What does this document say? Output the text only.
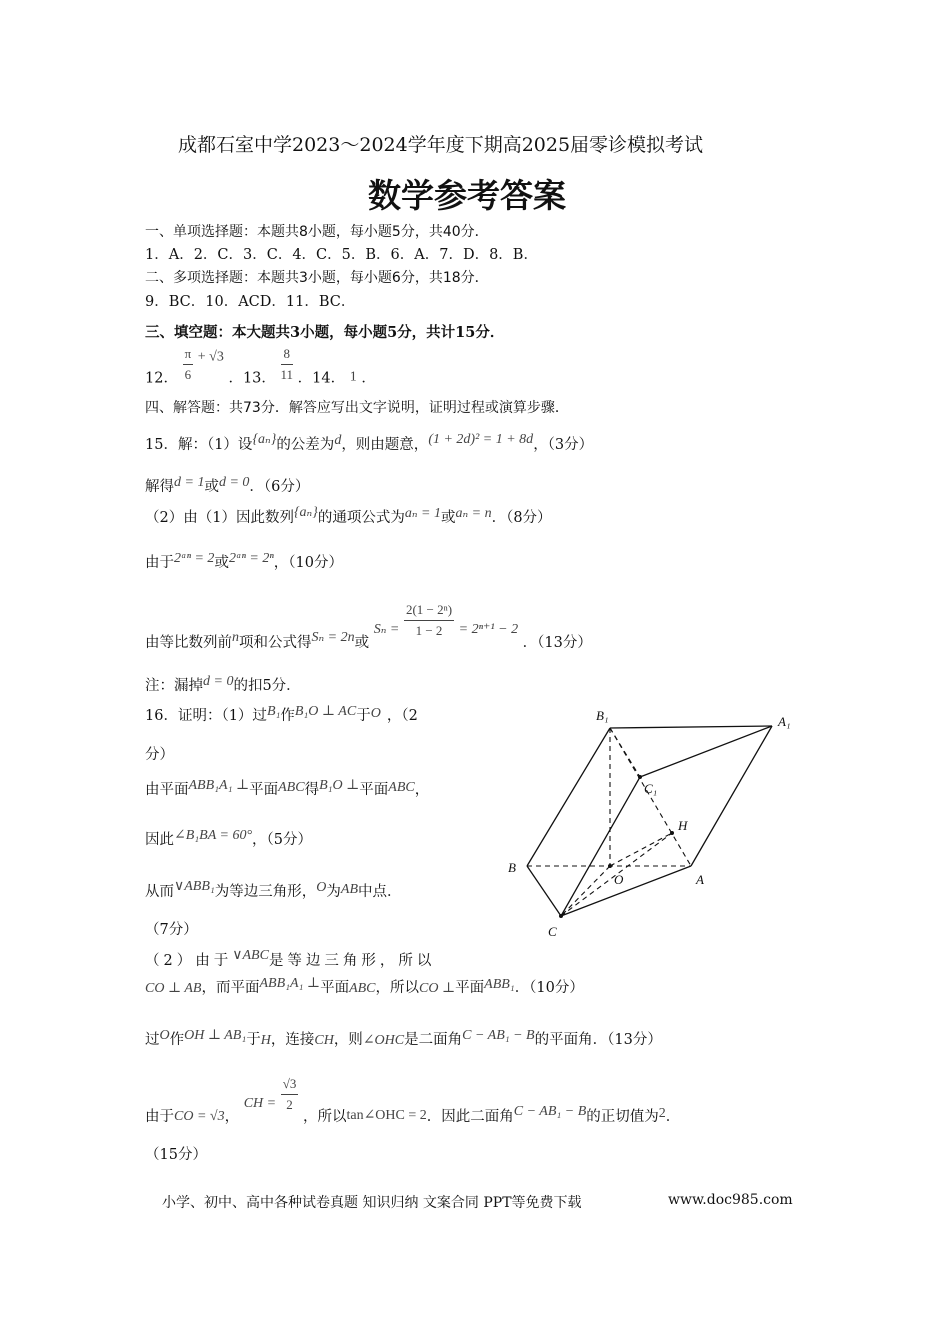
成都石室中学2023～2024学年度下期高2025届零诊模拟考试
数学参考答案
一、单项选择题：本题共8小题，每小题5分，共40分．
1．A．2．C．3．C．4．C．5．B．6．A．7．D．8．B．
二、多项选择题：本题共3小题，每小题6分，共18分．
9．BC．10．ACD．11．BC．
三、填空题：本大题共3小题，每小题5分，共计15分．
12． $\frac{\pi}{6} + √3$ ．13． $\frac{8}{11}$ ．14． 1 ．
四、解答题：共73分．解答应写出文字说明，证明过程或演算步骤．
15．解：（1）设{aₙ}的公差为d，则由题意，(1 + 2d)² = 1 + 8d，（3分）
解得d = 1或d = 0．（6分）
（2）由（1）因此数列{aₙ}的通项公式为aₙ = 1或aₙ = n．（8分）
由于2ᵃⁿ = 2或2ᵃⁿ = 2ⁿ，（10分）
由等比数列前n项和公式得Sₙ = 2n或 $S_n = \frac{\text{2(1 − 2ⁿ)}}{1 - 2} = 2^{n+1} - 2$ ．（13分）
注：漏掉d = 0的扣5分．
16．证明：（1）过B₁作B₁O ⊥ AC于O ，（2
分）
由平面ABB₁A₁ ⊥平面ABC得B₁O ⊥平面ABC，
因此∠B₁BA = 60°，（5分）
从而∨ABB₁为等边三角形，O为AB中点．
（7分）
（2）由于∨ABC是等边三角形，所以
CO ⊥ AB，而平面ABB₁A₁ ⊥平面ABC，所以CO ⊥平面ABB₁．（10分）
过O作OH ⊥ AB₁于H，连接CH，则∠OHC是二面角C − AB₁ − B的平面角．（13分）
由于CO = √3， CH = $\frac{√3}{2}$
，所以tan∠OHC = 2．因此二面角C − AB₁ − B的正切值为2．
（15分）
B₁	A₁
C₁
H
B
O	A
C
小学、初中、高中各种试卷真题 知识归纳 文案合同 PPT等免费下载	www.doc985.com
